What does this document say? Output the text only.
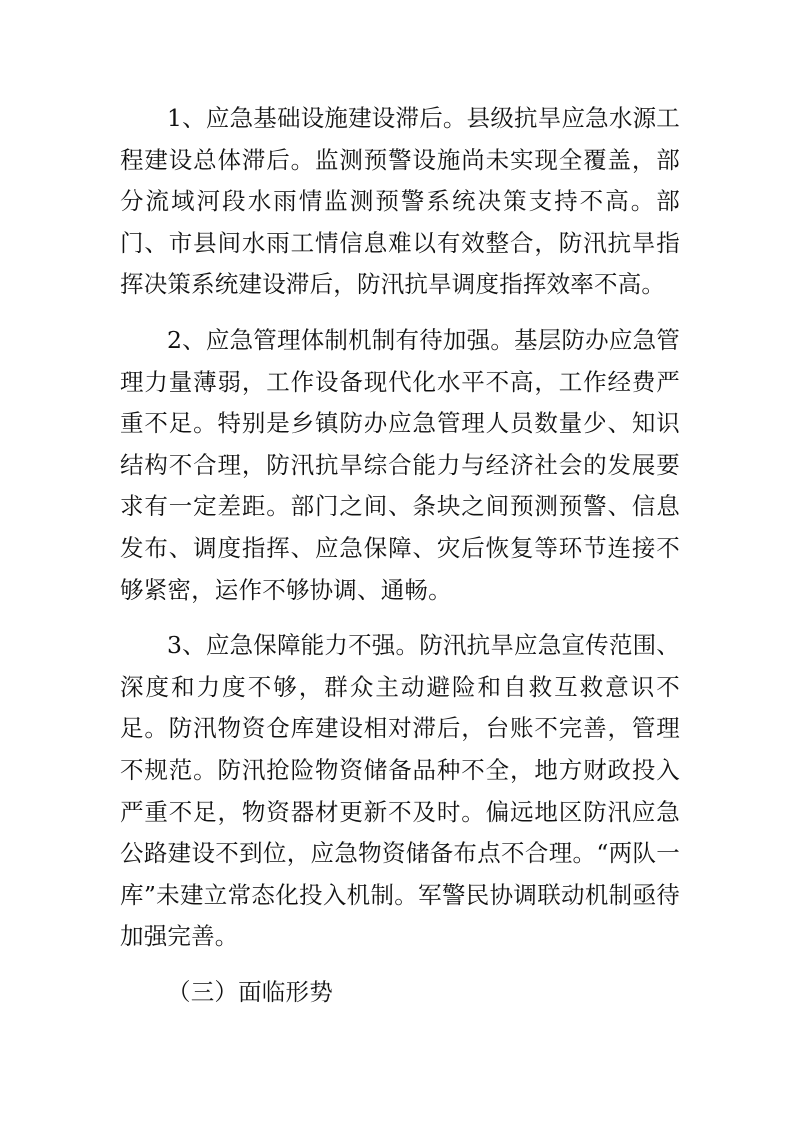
1、应急基础设施建设滞后。县级抗旱应急水源工程建设总体滞后。监测预警设施尚未实现全覆盖，部分流域河段水雨情监测预警系统决策支持不高。部门、市县间水雨工情信息难以有效整合，防汛抗旱指挥决策系统建设滞后，防汛抗旱调度指挥效率不高。

2、应急管理体制机制有待加强。基层防办应急管理力量薄弱，工作设备现代化水平不高，工作经费严重不足。特别是乡镇防办应急管理人员数量少、知识结构不合理，防汛抗旱综合能力与经济社会的发展要求有一定差距。部门之间、条块之间预测预警、信息发布、调度指挥、应急保障、灾后恢复等环节连接不够紧密，运作不够协调、通畅。

3、应急保障能力不强。防汛抗旱应急宣传范围、深度和力度不够，群众主动避险和自救互救意识不足。防汛物资仓库建设相对滞后，台账不完善，管理不规范。防汛抢险物资储备品种不全，地方财政投入严重不足，物资器材更新不及时。偏远地区防汛应急公路建设不到位，应急物资储备布点不合理。“两队一库”未建立常态化投入机制。军警民协调联动机制亟待加强完善。

（三）面临形势
